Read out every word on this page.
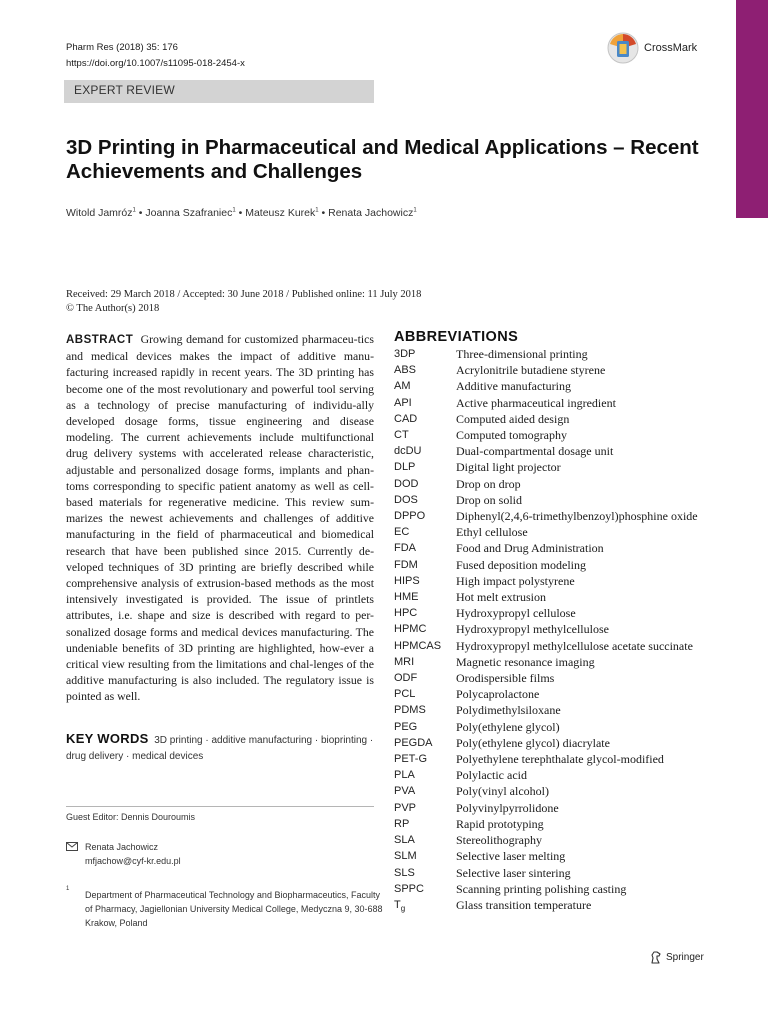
Pharm Res (2018) 35: 176
https://doi.org/10.1007/s11095-018-2454-x
CrossMark
EXPERT REVIEW
3D Printing in Pharmaceutical and Medical Applications – Recent Achievements and Challenges
Witold Jamróz$^1$ • Joanna Szafraniec$^1$ • Mateusz Kurek$^1$ • Renata Jachowicz$^1$
Received: 29 March 2018 / Accepted: 30 June 2018 / Published online: 11 July 2018
© The Author(s) 2018

ABSTRACT Growing demand for customized pharmaceu-tics and medical devices makes the impact of additive manu-facturing increased rapidly in recent years. The 3D printing has become one of the most revolutionary and powerful tool serving as a technology of precise manufacturing of individu-ally developed dosage forms, tissue engineering and disease modeling. The current achievements include multifunctional drug delivery systems with accelerated release characteristic, adjustable and personalized dosage forms, implants and phan-toms corresponding to specific patient anatomy as well as cell-based materials for regenerative medicine. This review sum-marizes the newest achievements and challenges of additive manufacturing in the field of pharmaceutical and biomedical research that have been published since 2015. Currently de-veloped techniques of 3D printing are briefly described while comprehensive analysis of extrusion-based methods as the most intensively investigated is provided. The issue of printlets attributes, i.e. shape and size is described with regard to per-sonalized dosage forms and medical devices manufacturing. The undeniable benefits of 3D printing are highlighted, how-ever a critical view resulting from the limitations and chal-lenges of the additive manufacturing is also included. The regulatory issue is pointed as well.

KEY WORDS 3D printing · additive manufacturing · bioprinting · drug delivery · medical devices

Guest Editor: Dennis Douroumis
Renata Jachowicz
mfjachow@cyf-kr.edu.pl
1
Department of Pharmaceutical Technology and Biopharmaceutics, Faculty of Pharmacy, Jagiellonian University Medical College, Medyczna 9, 30-688 Krakow, Poland
ABBREVIATIONS
3DP	Three-dimensional printing
ABS	Acrylonitrile butadiene styrene
AM	Additive manufacturing
API	Active pharmaceutical ingredient
CAD	Computed aided design
CT	Computed tomography
dcDU	Dual-compartmental dosage unit
DLP	Digital light projector
DOD	Drop on drop
DOS	Drop on solid
DPPO	Diphenyl(2,4,6-trimethylbenzoyl)phosphine oxide
EC	Ethyl cellulose
FDA	Food and Drug Administration
FDM	Fused deposition modeling
HIPS	High impact polystyrene
HME	Hot melt extrusion
HPC	Hydroxypropyl cellulose
HPMC	Hydroxypropyl methylcellulose
HPMCAS	Hydroxypropyl methylcellulose acetate succinate
MRI	Magnetic resonance imaging
ODF	Orodispersible films
PCL	Polycaprolactone
PDMS	Polydimethylsiloxane
PEG	Poly(ethylene glycol)
PEGDA	Poly(ethylene glycol) diacrylate
PET-G	Polyethylene terephthalate glycol-modified
PLA	Polylactic acid
PVA	Poly(vinyl alcohol)
PVP	Polyvinylpyrrolidone
RP	Rapid prototyping
SLA	Stereolithography
SLM	Selective laser melting
SLS	Selective laser sintering
SPPC	Scanning printing polishing casting
$T_g$	Glass transition temperature
Springer
